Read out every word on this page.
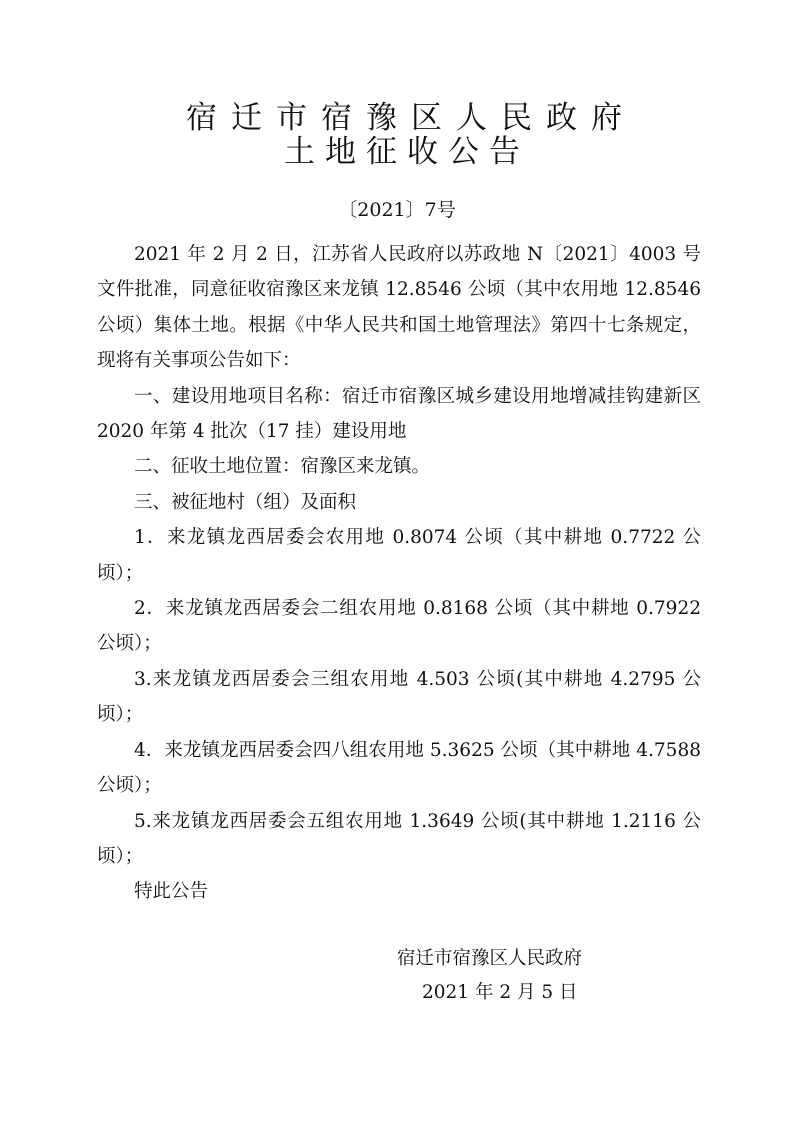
宿迁市宿豫区人民政府
土地征收公告
〔2021〕7号

2021 年 2 月 2 日，江苏省人民政府以苏政地 N〔2021〕4003 号文件批准，同意征收宿豫区来龙镇 12.8546 公顷（其中农用地 12.8546 公顷）集体土地。根据《中华人民共和国土地管理法》第四十七条规定，现将有关事项公告如下：

一、建设用地项目名称：宿迁市宿豫区城乡建设用地增减挂钩建新区 2020 年第 4 批次（17 挂）建设用地

二、征收土地位置：宿豫区来龙镇。

三、被征地村（组）及面积

1．来龙镇龙西居委会农用地 0.8074 公顷（其中耕地 0.7722 公顷）；

2．来龙镇龙西居委会二组农用地 0.8168 公顷（其中耕地 0.7922 公顷）；

3.来龙镇龙西居委会三组农用地 4.503 公顷(其中耕地 4.2795 公顷）；

4．来龙镇龙西居委会四八组农用地 5.3625 公顷（其中耕地 4.7588 公顷）；

5.来龙镇龙西居委会五组农用地 1.3649 公顷(其中耕地 1.2116 公顷）；

特此公告

宿迁市宿豫区人民政府
2021 年 2 月 5 日
